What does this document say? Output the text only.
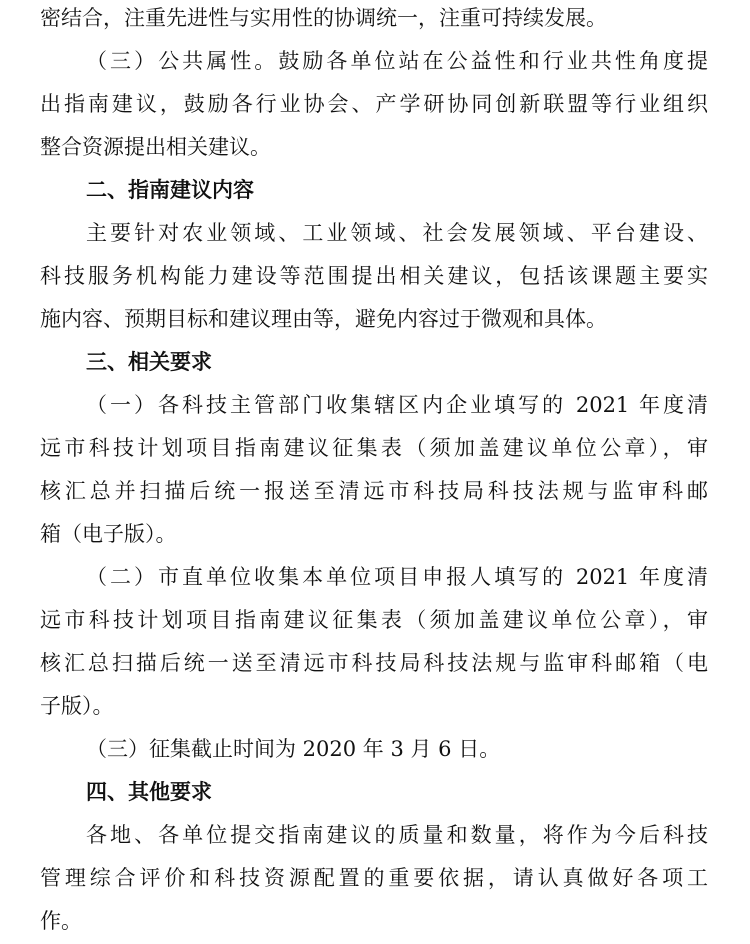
密结合，注重先进性与实用性的协调统一，注重可持续发展。
（三）公共属性。鼓励各单位站在公益性和行业共性角度提
出指南建议，鼓励各行业协会、产学研协同创新联盟等行业组织
整合资源提出相关建议。
二、指南建议内容
主要针对农业领域、工业领域、社会发展领域、平台建设、
科技服务机构能力建设等范围提出相关建议，包括该课题主要实
施内容、预期目标和建议理由等，避免内容过于微观和具体。
三、相关要求
（一）各科技主管部门收集辖区内企业填写的 2021 年度清
远市科技计划项目指南建议征集表（须加盖建议单位公章），审
核汇总并扫描后统一报送至清远市科技局科技法规与监审科邮
箱（电子版）。
（二）市直单位收集本单位项目申报人填写的 2021 年度清
远市科技计划项目指南建议征集表（须加盖建议单位公章），审
核汇总扫描后统一送至清远市科技局科技法规与监审科邮箱（电
子版）。
（三）征集截止时间为 2020 年 3 月 6 日。
四、其他要求
各地、各单位提交指南建议的质量和数量，将作为今后科技
管理综合评价和科技资源配置的重要依据，请认真做好各项工
作。
